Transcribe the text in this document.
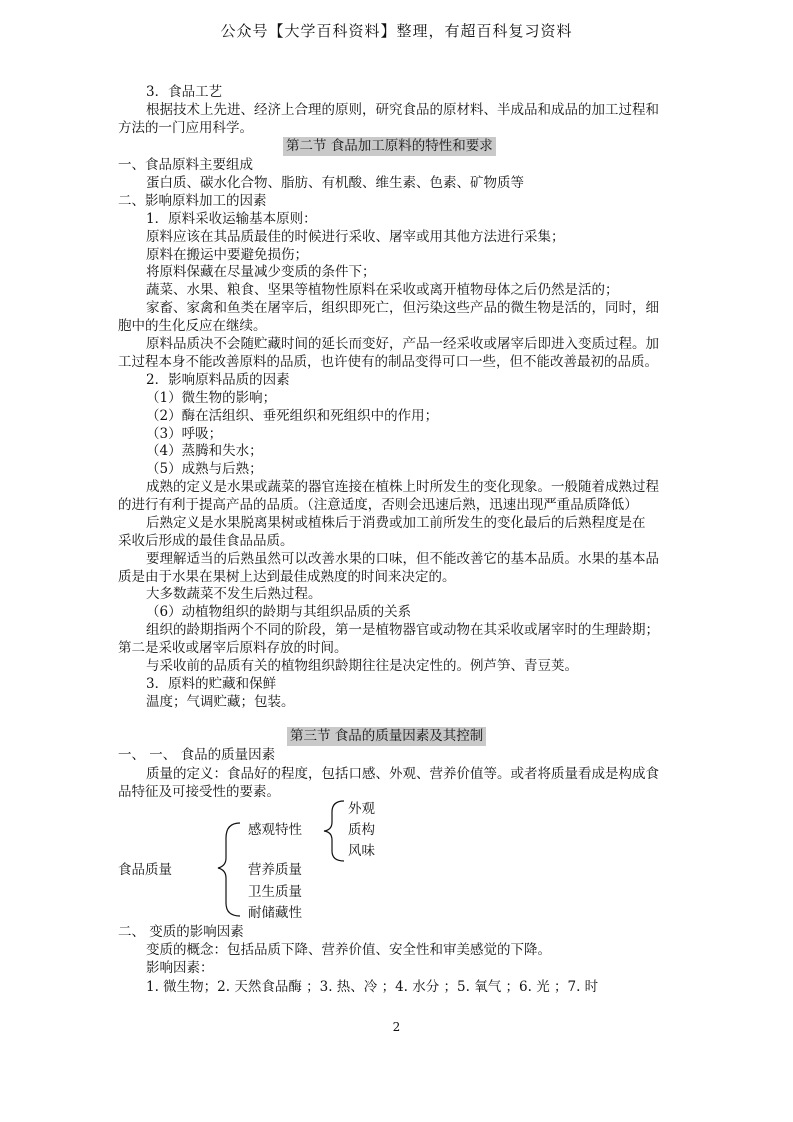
公众号【大学百科资料】整理，有超百科复习资料
3．食品工艺
根据技术上先进、经济上合理的原则，研究食品的原材料、半成品和成品的加工过程和
方法的一门应用科学。
第二节 食品加工原料的特性和要求
一、食品原料主要组成
蛋白质、碳水化合物、脂肪、有机酸、维生素、色素、矿物质等
二、影响原料加工的因素
1．原料采收运输基本原则：
原料应该在其品质最佳的时候进行采收、屠宰或用其他方法进行采集；
原料在搬运中要避免损伤；
将原料保藏在尽量减少变质的条件下；
蔬菜、水果、粮食、坚果等植物性原料在采收或离开植物母体之后仍然是活的；
家畜、家禽和鱼类在屠宰后，组织即死亡，但污染这些产品的微生物是活的，同时，细
胞中的生化反应在继续。
原料品质决不会随贮藏时间的延长而变好，产品一经采收或屠宰后即进入变质过程。加
工过程本身不能改善原料的品质，也许使有的制品变得可口一些，但不能改善最初的品质。
2．影响原料品质的因素
（1）微生物的影响；
（2）酶在活组织、垂死组织和死组织中的作用；
（3）呼吸；
（4）蒸腾和失水；
（5）成熟与后熟；
成熟的定义是水果或蔬菜的器官连接在植株上时所发生的变化现象。一般随着成熟过程
的进行有利于提高产品的品质。（注意适度，否则会迅速后熟，迅速出现严重品质降低）
后熟定义是水果脱离果树或植株后于消费或加工前所发生的变化最后的后熟程度是在
采收后形成的最佳食品品质。
要理解适当的后熟虽然可以改善水果的口味，但不能改善它的基本品质。水果的基本品
质是由于水果在果树上达到最佳成熟度的时间来决定的。
大多数蔬菜不发生后熟过程。
（6）动植物组织的龄期与其组织品质的关系
组织的龄期指两个不同的阶段，第一是植物器官或动物在其采收或屠宰时的生理龄期；
第二是采收或屠宰后原料存放的时间。
与采收前的品质有关的植物组织龄期往往是决定性的。例芦笋、青豆荚。
3．原料的贮藏和保鲜
温度；气调贮藏；包装。
第三节 食品的质量因素及其控制
一、 一、 食品的质量因素
质量的定义：食品好的程度，包括口感、外观、营养价值等。或者将质量看成是构成食
品特征及可接受性的要素。
食品质量
感观特性
外观
质构
风味
营养质量
卫生质量
耐储藏性
二、 变质的影响因素
变质的概念：包括品质下降、营养价值、安全性和审美感觉的下降。
影响因素：
1. 微生物；2. 天然食品酶 ；3. 热、冷 ；4. 水分 ；5. 氧气 ；6. 光 ；7. 时
2
